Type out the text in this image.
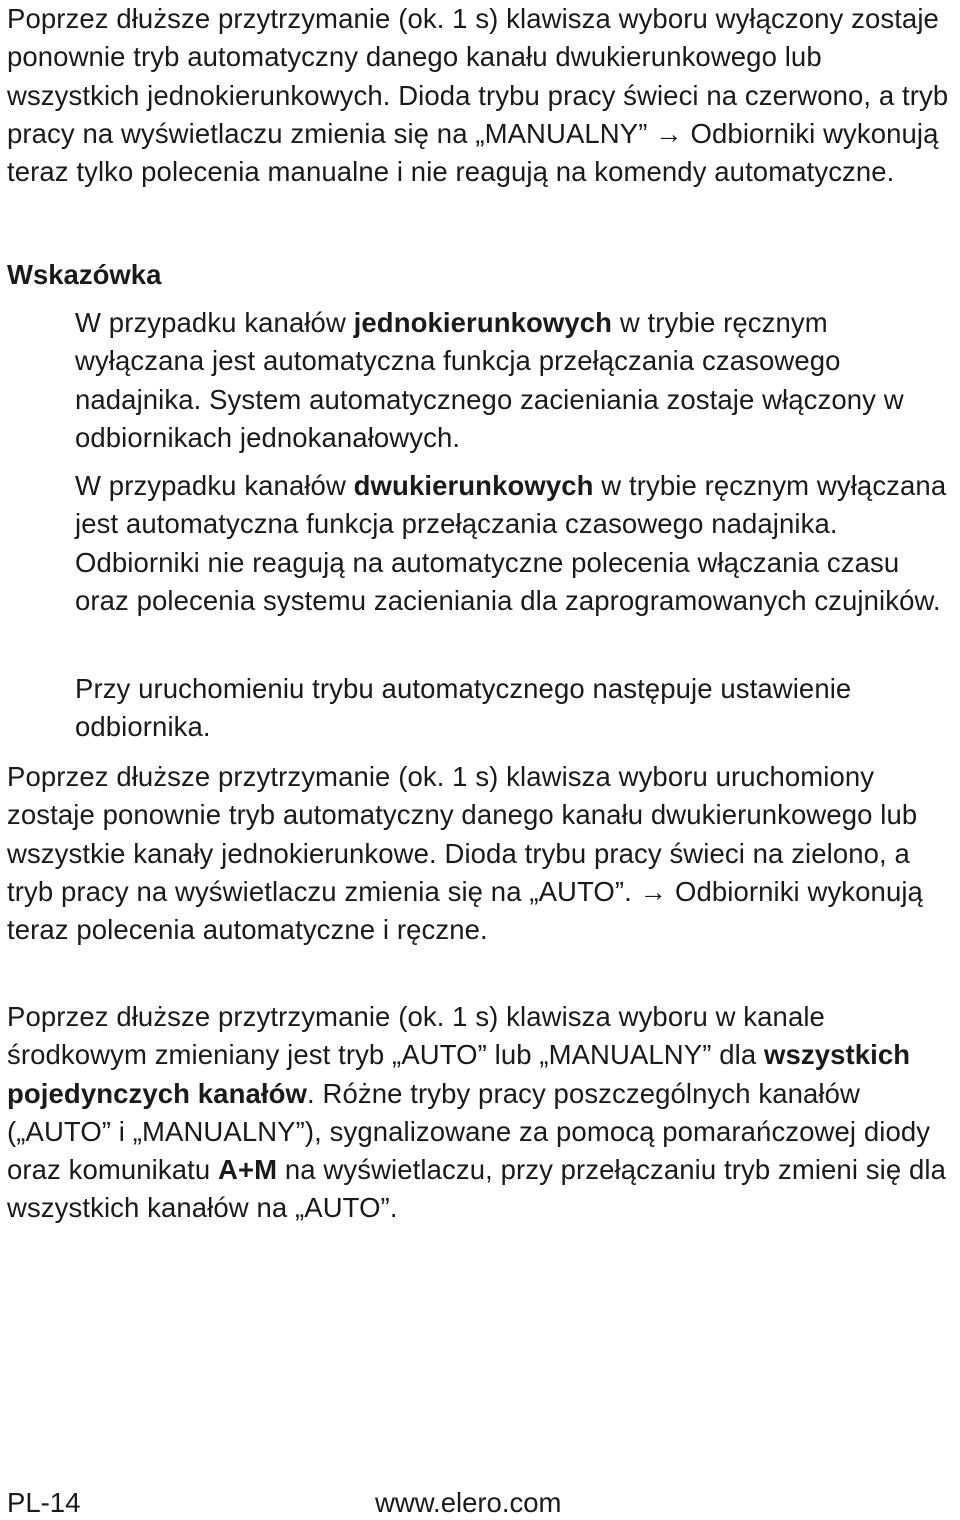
Poprzez dłuższe przytrzymanie (ok. 1 s) klawisza wyboru wyłączony zostaje ponownie tryb automatyczny danego kanału dwukierunkowego lub wszystkich jednokierunkowych. Dioda trybu pracy świeci na czerwono, a tryb pracy na wyświetlaczu zmienia się na „MANUALNY” → Odbiorniki wykonują teraz tylko polecenia manualne i nie reagują na komendy automatyczne.

Wskazówka

W przypadku kanałów jednokierunkowych w trybie ręcznym wyłączana jest automatyczna funkcja przełączania czasowego nadajnika. System automatycznego zacieniania zostaje włączony w odbiornikach jednokanałowych.

W przypadku kanałów dwukierunkowych w trybie ręcznym wyłączana jest automatyczna funkcja przełączania czasowego nadajnika. Odbiorniki nie reagują na automatyczne polecenia włączania czasu oraz polecenia systemu zacieniania dla zaprogramowanych czujników.

Przy uruchomieniu trybu automatycznego następuje ustawienie odbiornika.

Poprzez dłuższe przytrzymanie (ok. 1 s) klawisza wyboru uruchomiony zostaje ponownie tryb automatyczny danego kanału dwukierunkowego lub wszystkie kanały jednokierunkowe. Dioda trybu pracy świeci na zielono, a tryb pracy na wyświetlaczu zmienia się na „AUTO”. → Odbiorniki wykonują teraz polecenia automatyczne i ręczne.

Poprzez dłuższe przytrzymanie (ok. 1 s) klawisza wyboru w kanale środkowym zmieniany jest tryb „AUTO” lub „MANUALNY” dla wszystkich pojedynczych kanałów. Różne tryby pracy poszczególnych kanałów („AUTO” i „MANUALNY”), sygnalizowane za pomocą pomarańczowej diody oraz komunikatu A+M na wyświetlaczu, przy przełączaniu tryb zmieni się dla wszystkich kanałów na „AUTO”.

PL-14	www.elero.com
